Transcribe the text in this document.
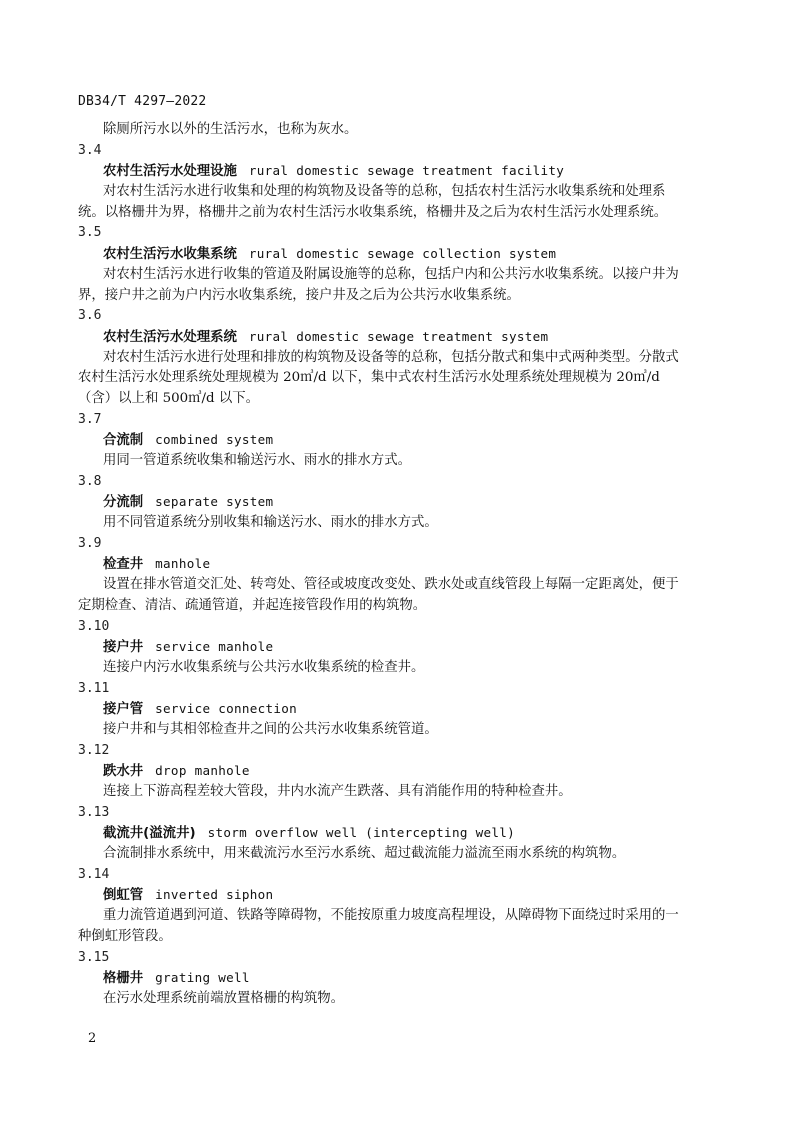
DB34/T 4297—2022
除厕所污水以外的生活污水，也称为灰水。
3.4
农村生活污水处理设施 rural domestic sewage treatment facility
对农村生活污水进行收集和处理的构筑物及设备等的总称，包括农村生活污水收集系统和处理系
统。以格栅井为界，格栅井之前为农村生活污水收集系统，格栅井及之后为农村生活污水处理系统。
3.5
农村生活污水收集系统 rural domestic sewage collection system
对农村生活污水进行收集的管道及附属设施等的总称，包括户内和公共污水收集系统。以接户井为
界，接户井之前为户内污水收集系统，接户井及之后为公共污水收集系统。
3.6
农村生活污水处理系统 rural domestic sewage treatment system
对农村生活污水进行处理和排放的构筑物及设备等的总称，包括分散式和集中式两种类型。分散式
农村生活污水处理系统处理规模为 20㎥/d 以下，集中式农村生活污水处理系统处理规模为 20㎥/d
（含）以上和 500㎥/d 以下。
3.7
合流制 combined system
用同一管道系统收集和输送污水、雨水的排水方式。
3.8
分流制 separate system
用不同管道系统分别收集和输送污水、雨水的排水方式。
3.9
检查井 manhole
设置在排水管道交汇处、转弯处、管径或坡度改变处、跌水处或直线管段上每隔一定距离处，便于
定期检查、清洁、疏通管道，并起连接管段作用的构筑物。
3.10
接户井 service manhole
连接户内污水收集系统与公共污水收集系统的检查井。
3.11
接户管 service connection
接户井和与其相邻检查井之间的公共污水收集系统管道。
3.12
跌水井 drop manhole
连接上下游高程差较大管段，井内水流产生跌落、具有消能作用的特种检查井。
3.13
截流井(溢流井) storm overflow well (intercepting well)
合流制排水系统中，用来截流污水至污水系统、超过截流能力溢流至雨水系统的构筑物。
3.14
倒虹管 inverted siphon
重力流管道遇到河道、铁路等障碍物，不能按原重力坡度高程埋设，从障碍物下面绕过时采用的一
种倒虹形管段。
3.15
格栅井 grating well
在污水处理系统前端放置格栅的构筑物。
2
